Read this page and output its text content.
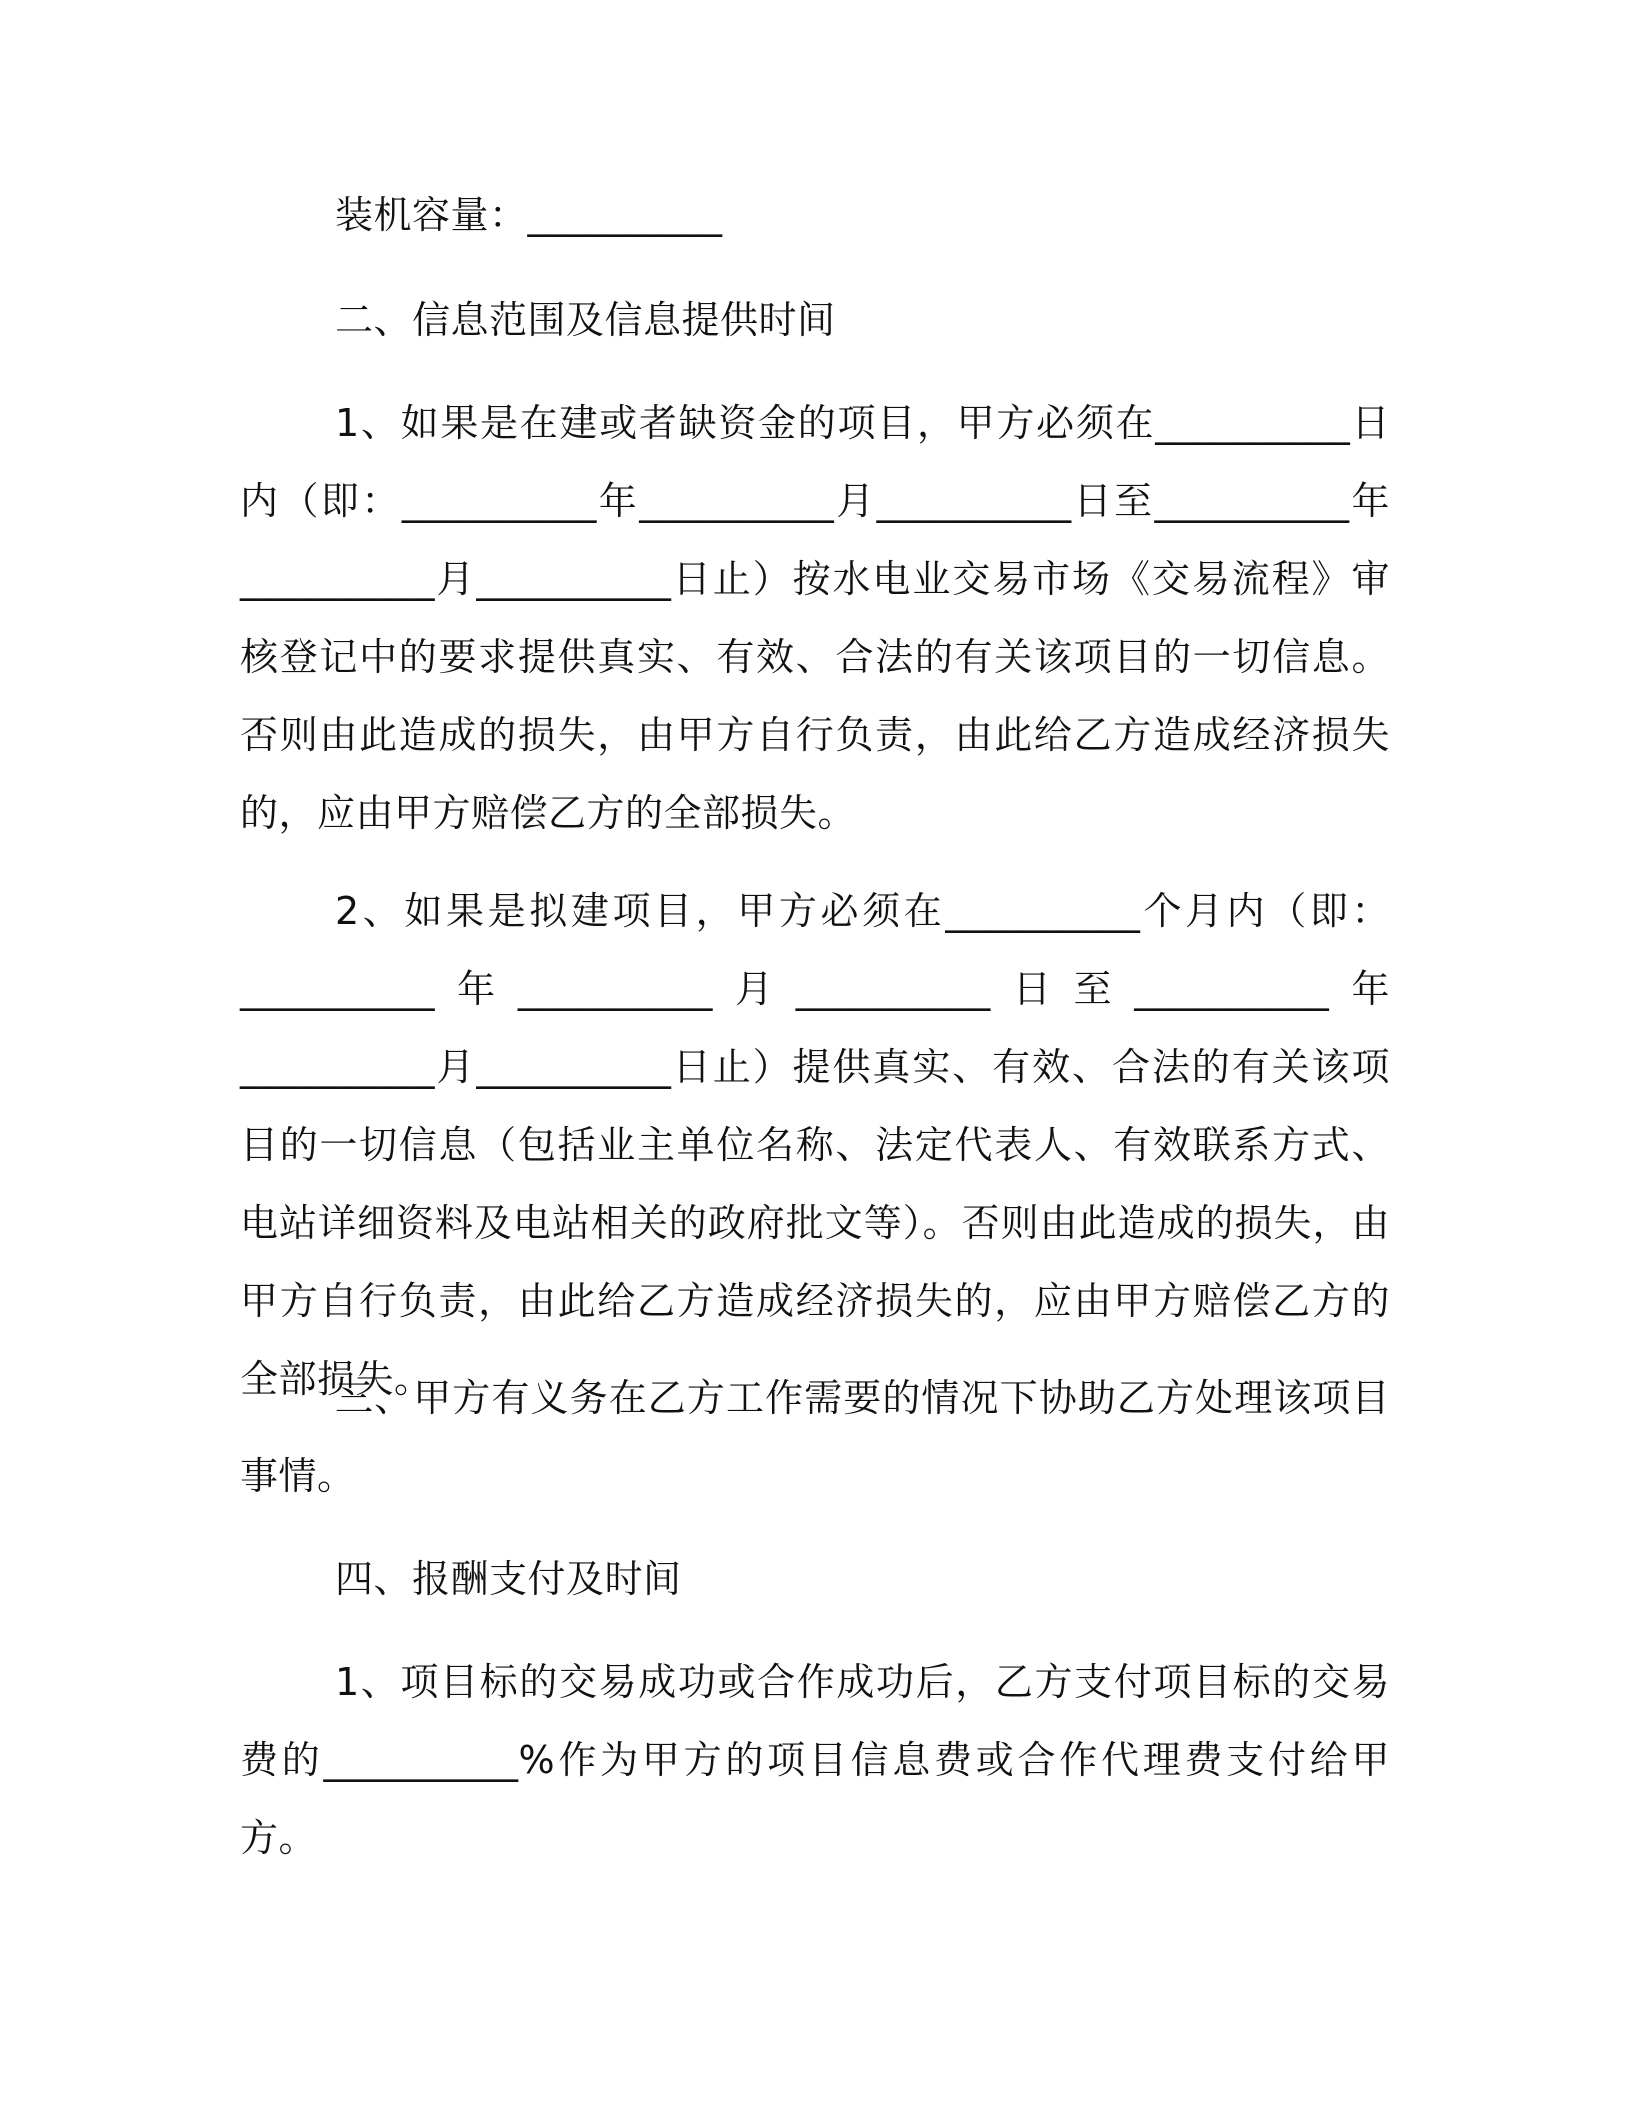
装机容量：__________

二、信息范围及信息提供时间

1、如果是在建或者缺资金的项目，甲方必须在__________日内（即：__________年__________月__________日至__________年__________月__________日止）按水电业交易市场《交易流程》审核登记中的要求提供真实、有效、合法的有关该项目的一切信息。否则由此造成的损失，由甲方自行负责，由此给乙方造成经济损失的，应由甲方赔偿乙方的全部损失。

2、如果是拟建项目，甲方必须在__________个月内（即：__________年__________月__________日至__________年__________月__________日止）提供真实、有效、合法的有关该项目的一切信息（包括业主单位名称、法定代表人、有效联系方式、电站详细资料及电站相关的政府批文等）。否则由此造成的损失，由甲方自行负责，由此给乙方造成经济损失的，应由甲方赔偿乙方的全部损失。

三、甲方有义务在乙方工作需要的情况下协助乙方处理该项目事情。

四、报酬支付及时间

1、项目标的交易成功或合作成功后，乙方支付项目标的交易费的__________%作为甲方的项目信息费或合作代理费支付给甲方。
